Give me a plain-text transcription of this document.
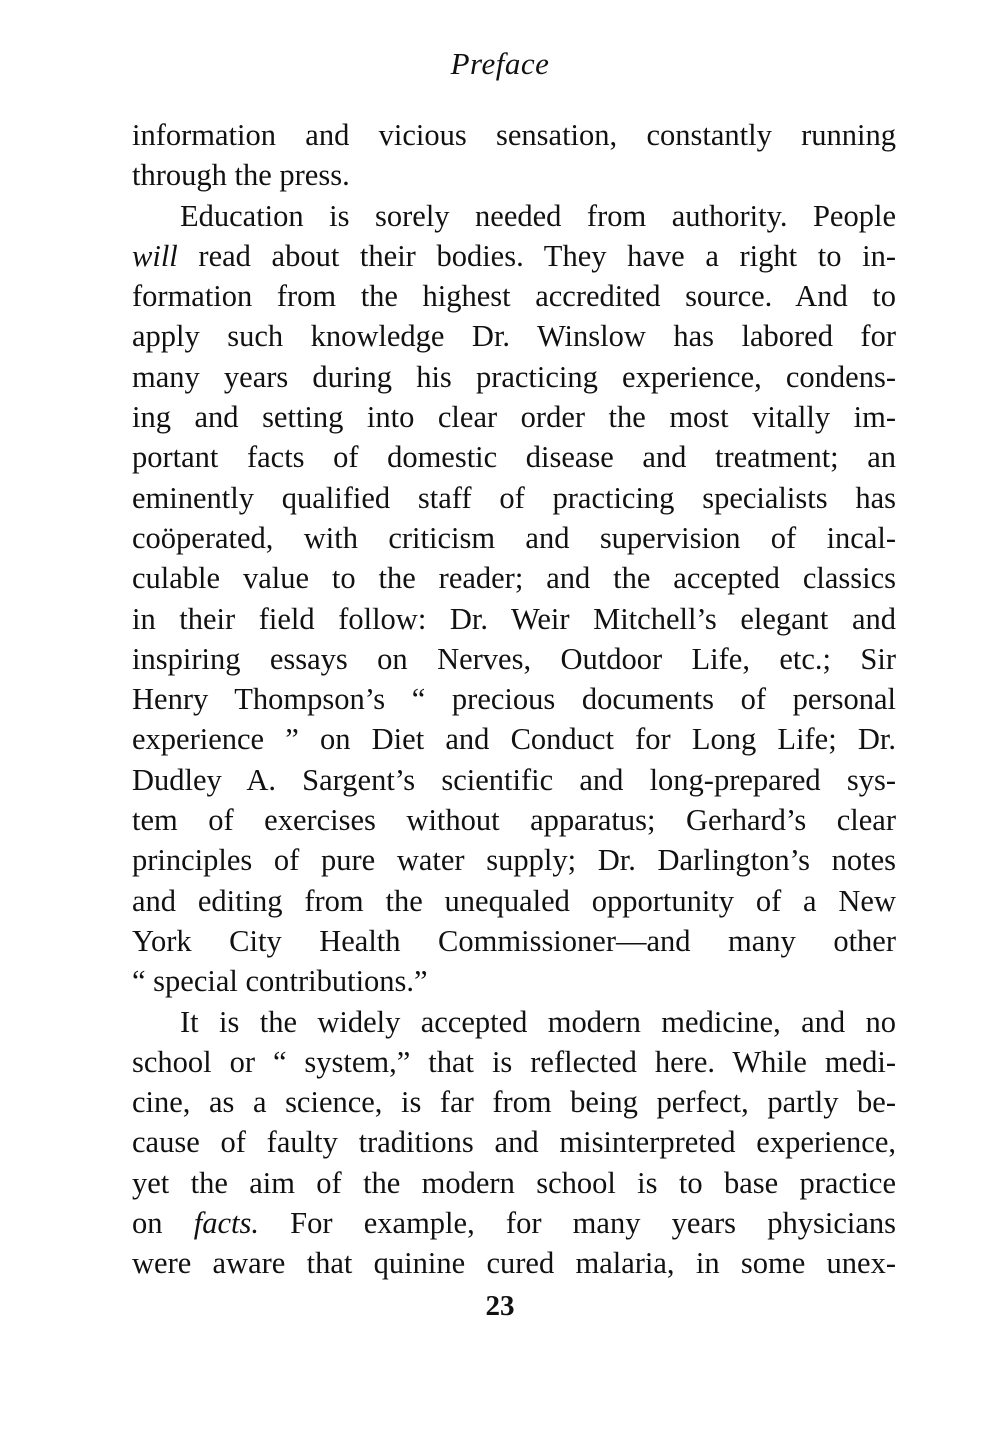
Preface
information and vicious sensation, constantly running
through the press.
Education is sorely needed from authority. People
will read about their bodies. They have a right to in-
formation from the highest accredited source. And to
apply such knowledge Dr. Winslow has labored for
many years during his practicing experience, condens-
ing and setting into clear order the most vitally im-
portant facts of domestic disease and treatment; an
eminently qualified staff of practicing specialists has
coöperated, with criticism and supervision of incal-
culable value to the reader; and the accepted classics
in their field follow: Dr. Weir Mitchell’s elegant and
inspiring essays on Nerves, Outdoor Life, etc.; Sir
Henry Thompson’s “ precious documents of personal
experience ” on Diet and Conduct for Long Life; Dr.
Dudley A. Sargent’s scientific and long-prepared sys-
tem of exercises without apparatus; Gerhard’s clear
principles of pure water supply; Dr. Darlington’s notes
and editing from the unequaled opportunity of a New
York City Health Commissioner—and many other
“ special contributions.”
It is the widely accepted modern medicine, and no
school or “ system,” that is reflected here. While medi-
cine, as a science, is far from being perfect, partly be-
cause of faulty traditions and misinterpreted experience,
yet the aim of the modern school is to base practice
on facts. For example, for many years physicians
were aware that quinine cured malaria, in some unex-
23
